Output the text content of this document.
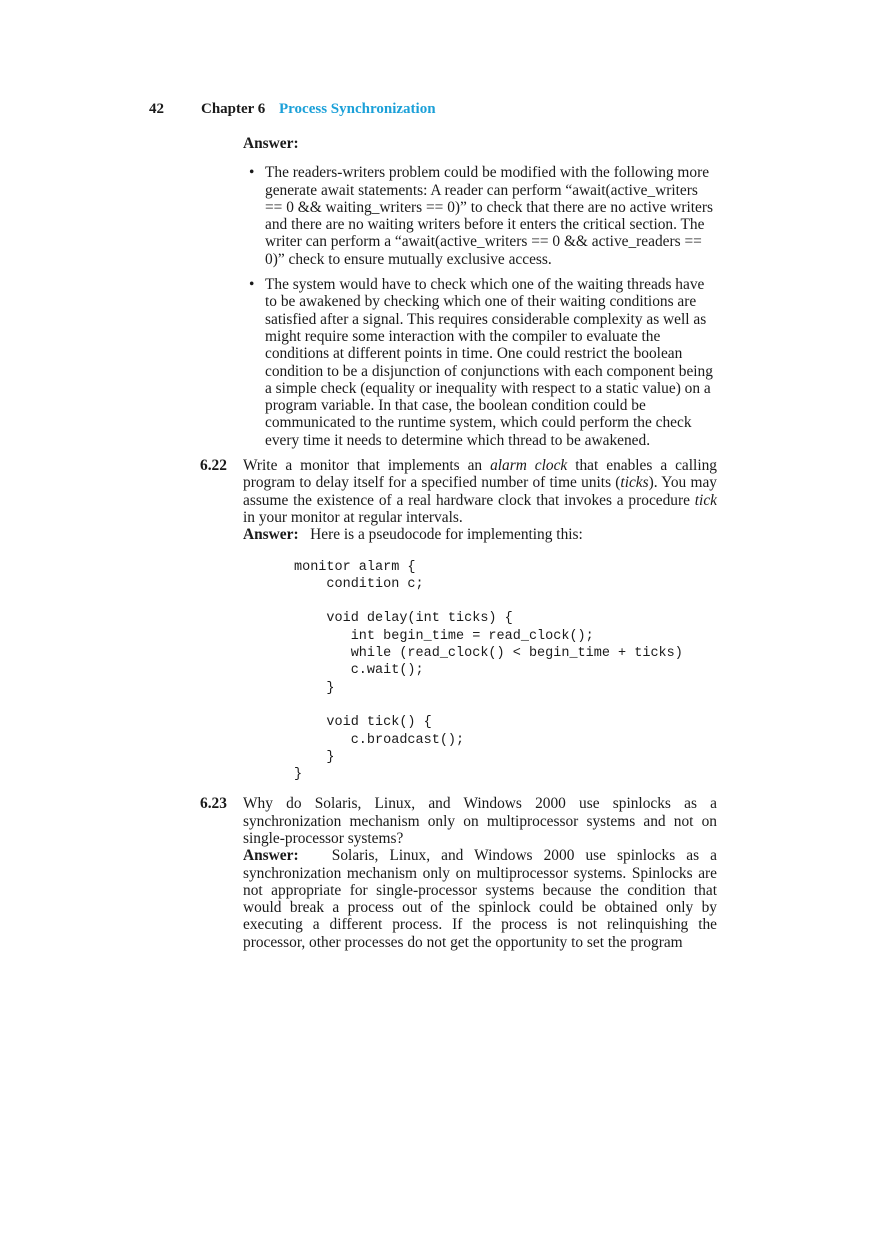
42 Chapter 6 Process Synchronization
Answer:
• The readers-writers problem could be modified with the following more generate await statements: A reader can perform “await(active_writers == 0 && waiting_writers == 0)” to check that there are no active writers and there are no waiting writers before it enters the critical section. The writer can perform a “await(active_writers == 0 && active_readers == 0)” check to ensure mutually exclusive access.
• The system would have to check which one of the waiting threads have to be awakened by checking which one of their waiting conditions are satisfied after a signal. This requires considerable complexity as well as might require some interaction with the compiler to evaluate the conditions at different points in time. One could restrict the boolean condition to be a disjunction of conjunctions with each component being a simple check (equality or inequality with respect to a static value) on a program variable. In that case, the boolean condition could be communicated to the runtime system, which could perform the check every time it needs to determine which thread to be awakened.
6.22 Write a monitor that implements an alarm clock that enables a calling program to delay itself for a specified number of time units (ticks). You may assume the existence of a real hardware clock that invokes a procedure tick in your monitor at regular intervals.
Answer: Here is a pseudocode for implementing this:
monitor alarm {
condition c;

void delay(int ticks) {
int begin_time = read_clock();
while (read_clock() < begin_time + ticks)
c.wait();
}

void tick() {
c.broadcast();
}
}
6.23 Why do Solaris, Linux, and Windows 2000 use spinlocks as a synchronization mechanism only on multiprocessor systems and not on single-processor systems?
Answer: Solaris, Linux, and Windows 2000 use spinlocks as a synchronization mechanism only on multiprocessor systems. Spinlocks are not appropriate for single-processor systems because the condition that would break a process out of the spinlock could be obtained only by executing a different process. If the process is not relinquishing the processor, other processes do not get the opportunity to set the program
